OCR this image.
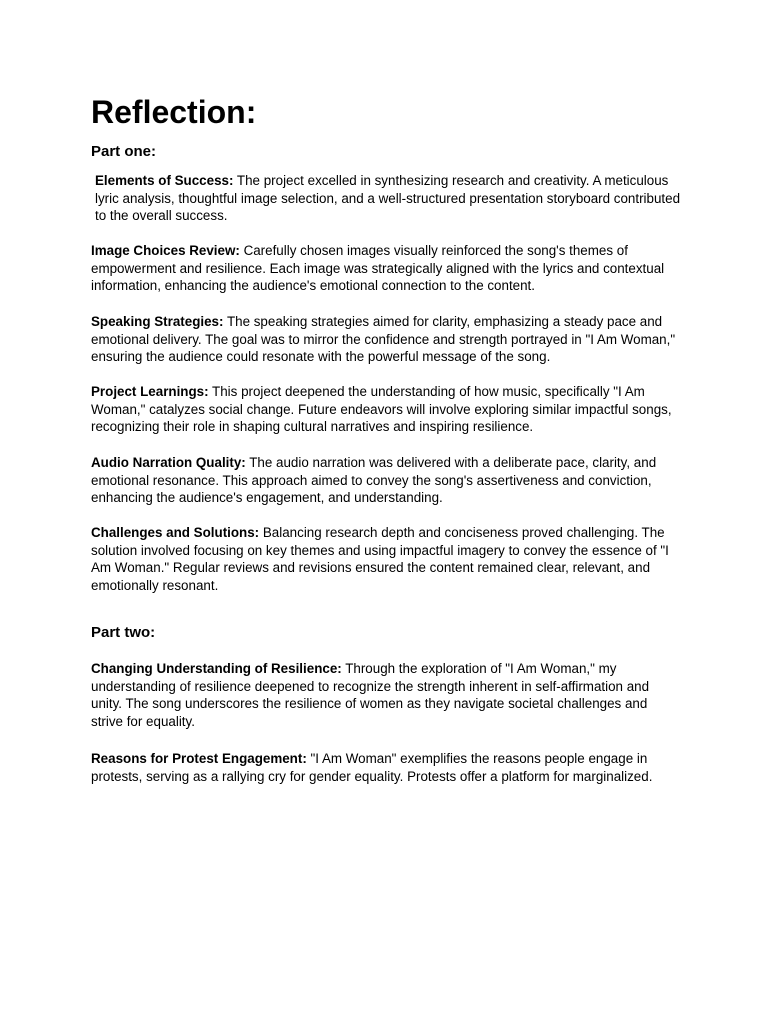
Reflection:
Part one:

Elements of Success: The project excelled in synthesizing research and creativity. A meticulous lyric analysis, thoughtful image selection, and a well-structured presentation storyboard contributed to the overall success.

Image Choices Review: Carefully chosen images visually reinforced the song's themes of empowerment and resilience. Each image was strategically aligned with the lyrics and contextual information, enhancing the audience's emotional connection to the content.

Speaking Strategies: The speaking strategies aimed for clarity, emphasizing a steady pace and emotional delivery. The goal was to mirror the confidence and strength portrayed in "I Am Woman," ensuring the audience could resonate with the powerful message of the song.

Project Learnings: This project deepened the understanding of how music, specifically "I Am Woman," catalyzes social change. Future endeavors will involve exploring similar impactful songs, recognizing their role in shaping cultural narratives and inspiring resilience.

Audio Narration Quality: The audio narration was delivered with a deliberate pace, clarity, and emotional resonance. This approach aimed to convey the song's assertiveness and conviction, enhancing the audience's engagement, and understanding.

Challenges and Solutions: Balancing research depth and conciseness proved challenging. The solution involved focusing on key themes and using impactful imagery to convey the essence of "I Am Woman." Regular reviews and revisions ensured the content remained clear, relevant, and emotionally resonant.

Part two:

Changing Understanding of Resilience: Through the exploration of "I Am Woman," my understanding of resilience deepened to recognize the strength inherent in self-affirmation and unity. The song underscores the resilience of women as they navigate societal challenges and strive for equality.

Reasons for Protest Engagement: "I Am Woman" exemplifies the reasons people engage in protests, serving as a rallying cry for gender equality. Protests offer a platform for marginalized.
